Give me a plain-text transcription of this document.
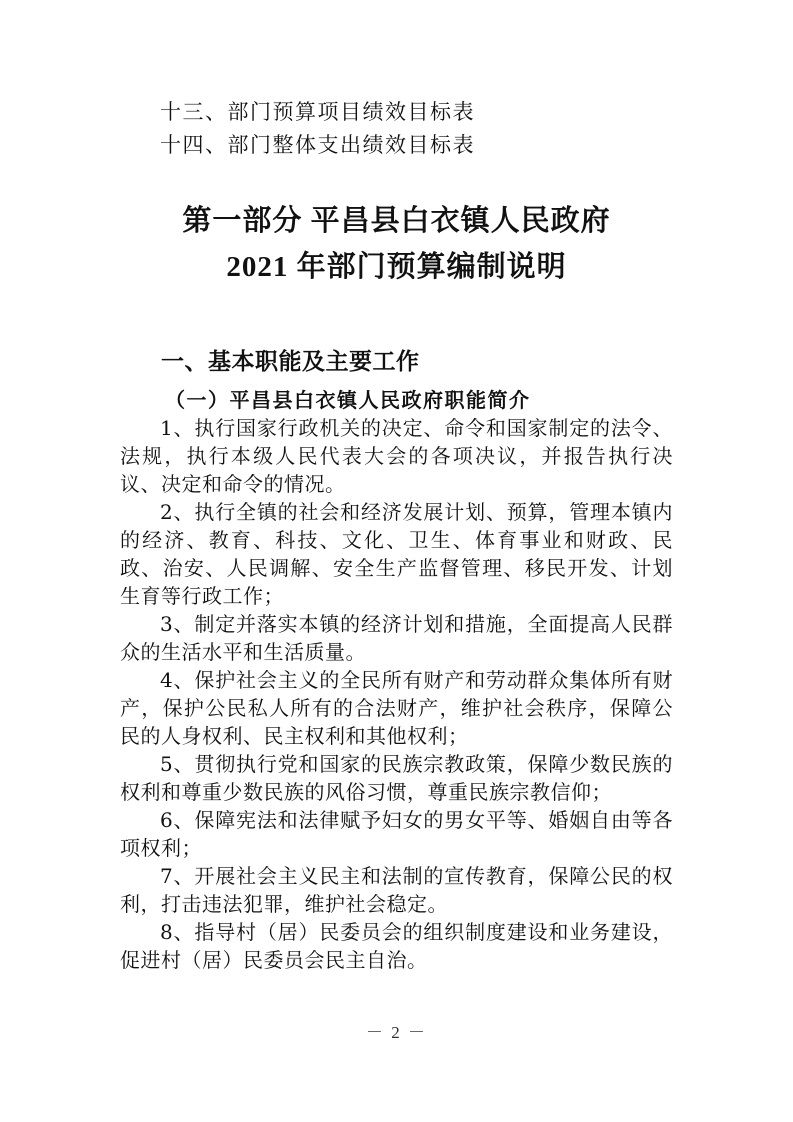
十三、部门预算项目绩效目标表
十四、部门整体支出绩效目标表
第一部分 平昌县白衣镇人民政府
2021 年部门预算编制说明
一、基本职能及主要工作
（一）平昌县白衣镇人民政府职能简介

1、执行国家行政机关的决定、命令和国家制定的法令、法规，执行本级人民代表大会的各项决议，并报告执行决议、决定和命令的情况。

2、执行全镇的社会和经济发展计划、预算，管理本镇内的经济、教育、科技、文化、卫生、体育事业和财政、民政、治安、人民调解、安全生产监督管理、移民开发、计划生育等行政工作；

3、制定并落实本镇的经济计划和措施，全面提高人民群众的生活水平和生活质量。

4、保护社会主义的全民所有财产和劳动群众集体所有财产，保护公民私人所有的合法财产，维护社会秩序，保障公民的人身权利、民主权利和其他权利；

5、贯彻执行党和国家的民族宗教政策，保障少数民族的权利和尊重少数民族的风俗习惯，尊重民族宗教信仰；

6、保障宪法和法律赋予妇女的男女平等、婚姻自由等各项权利；

7、开展社会主义民主和法制的宣传教育，保障公民的权利，打击违法犯罪，维护社会稳定。

8、指导村（居）民委员会的组织制度建设和业务建设，促进村（居）民委员会民主自治。

－ 2 －
